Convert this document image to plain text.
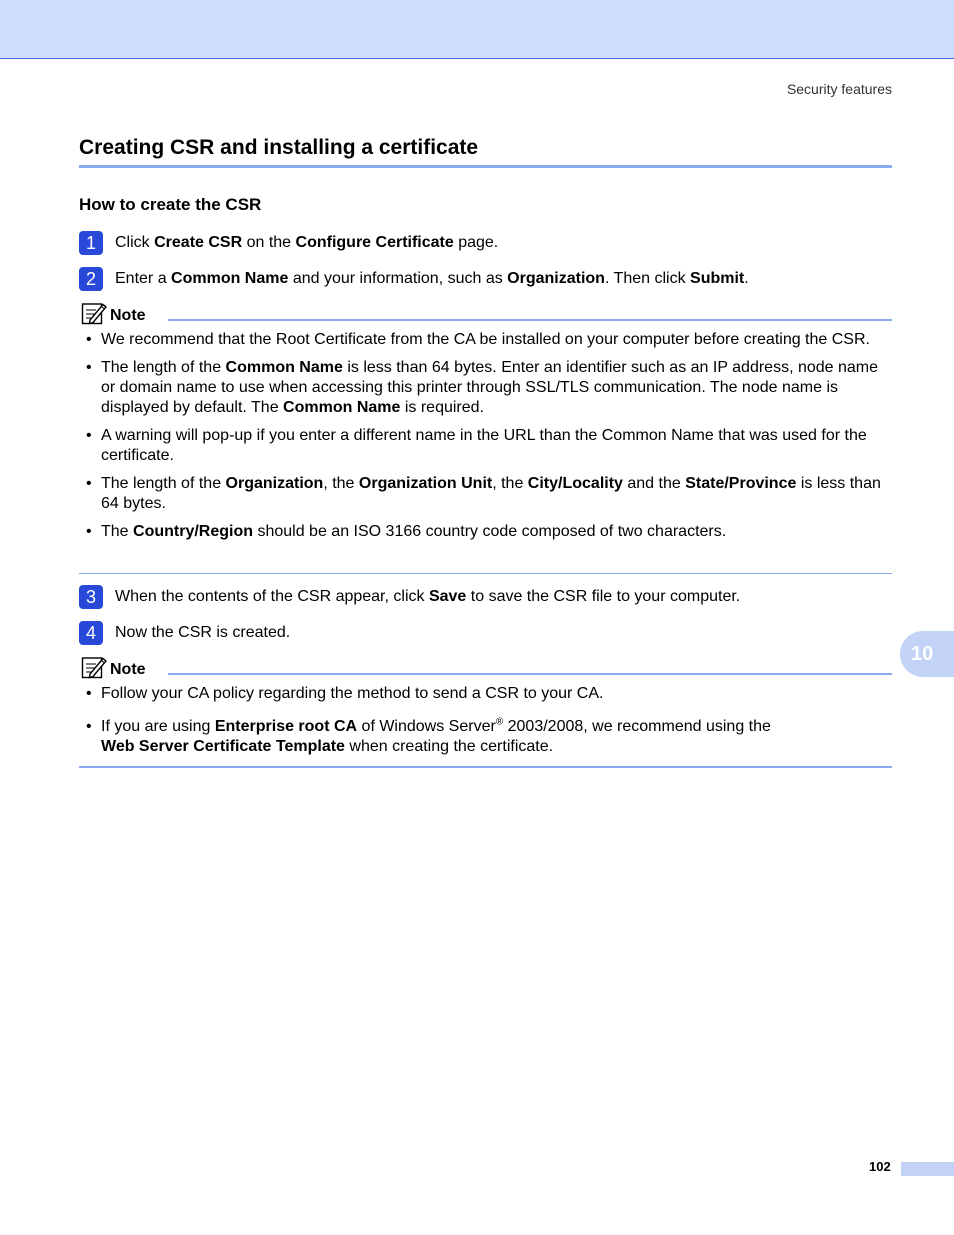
Security features
Creating CSR and installing a certificate
How to create the CSR
1	Click Create CSR on the Configure Certificate page.
2	Enter a Common Name and your information, such as Organization. Then click Submit.
Note
• We recommend that the Root Certificate from the CA be installed on your computer before creating the CSR.
• The length of the Common Name is less than 64 bytes. Enter an identifier such as an IP address, node name or domain name to use when accessing this printer through SSL/TLS communication. The node name is displayed by default. The Common Name is required.
• A warning will pop-up if you enter a different name in the URL than the Common Name that was used for the certificate.
• The length of the Organization, the Organization Unit, the City/Locality and the State/Province is less than 64 bytes.
• The Country/Region should be an ISO 3166 country code composed of two characters.
3	When the contents of the CSR appear, click Save to save the CSR file to your computer.
4	Now the CSR is created.
Note
• Follow your CA policy regarding the method to send a CSR to your CA.
• If you are using Enterprise root CA of Windows Server® 2003/2008, we recommend using the
Web Server Certificate Template when creating the certificate.
10
102
